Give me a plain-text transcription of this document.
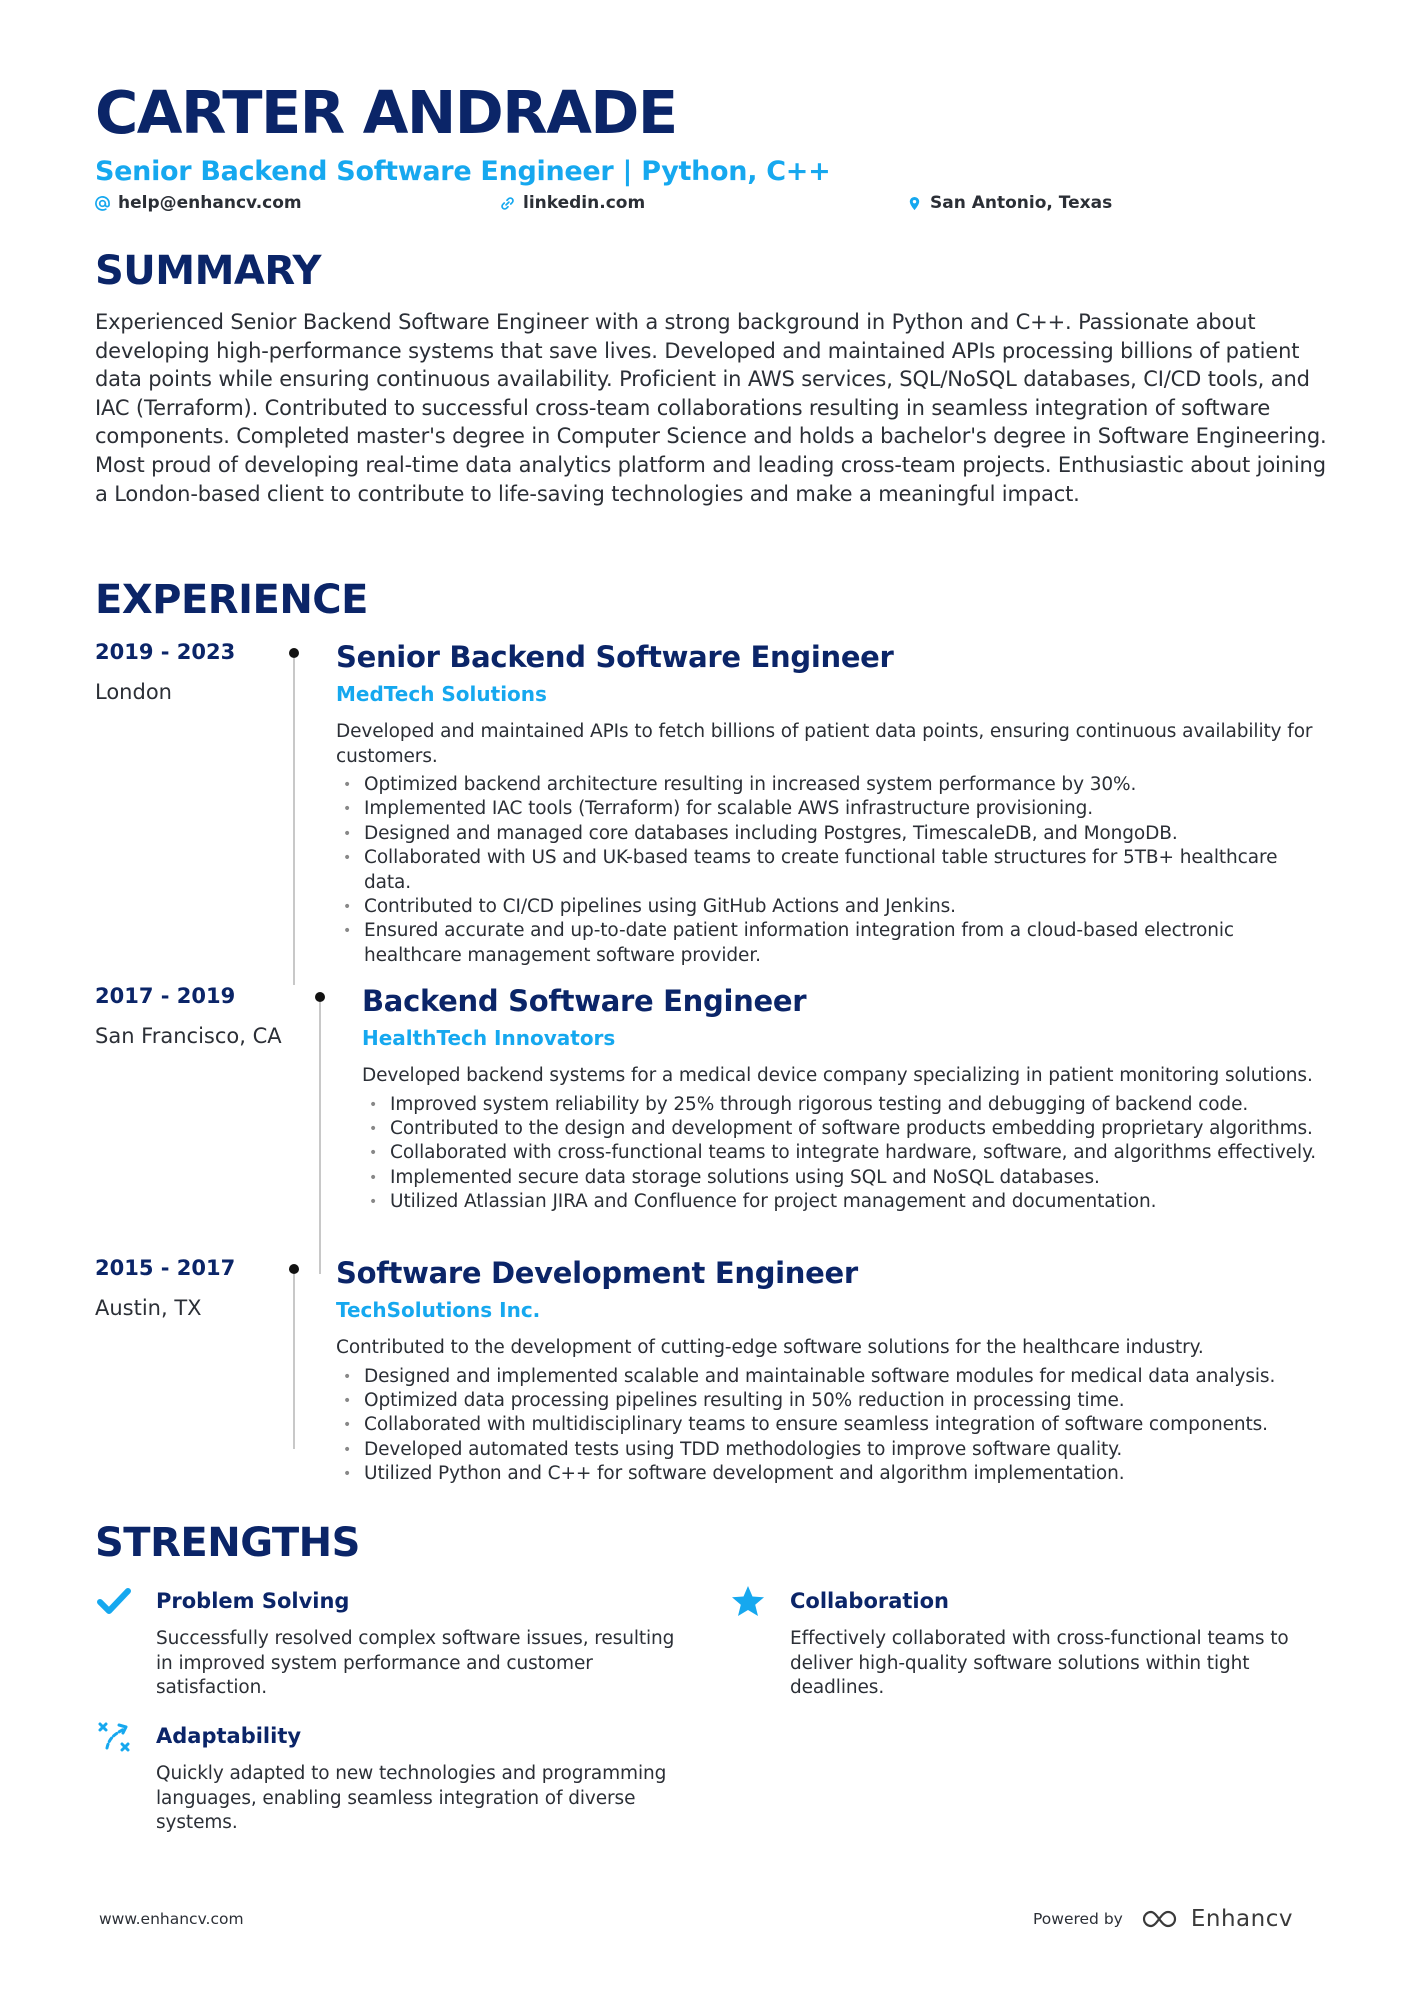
CARTER ANDRADE
Senior Backend Software Engineer | Python, C++
help@enhancv.com	linkedin.com	San Antonio, Texas
SUMMARY

Experienced Senior Backend Software Engineer with a strong background in Python and C++. Passionate about developing high-performance systems that save lives. Developed and maintained APIs processing billions of patient data points while ensuring continuous availability. Proficient in AWS services, SQL/NoSQL databases, CI/CD tools, and IAC (Terraform). Contributed to successful cross-team collaborations resulting in seamless integration of software components. Completed master's degree in Computer Science and holds a bachelor's degree in Software Engineering. Most proud of developing real-time data analytics platform and leading cross-team projects. Enthusiastic about joining a London-based client to contribute to life-saving technologies and make a meaningful impact.

EXPERIENCE
2019 - 2023
London
Senior Backend Software Engineer
MedTech Solutions
Developed and maintained APIs to fetch billions of patient data points, ensuring continuous availability for customers.
• Optimized backend architecture resulting in increased system performance by 30%.
• Implemented IAC tools (Terraform) for scalable AWS infrastructure provisioning.
• Designed and managed core databases including Postgres, TimescaleDB, and MongoDB.
• Collaborated with US and UK-based teams to create functional table structures for 5TB+ healthcare data.
• Contributed to CI/CD pipelines using GitHub Actions and Jenkins.
• Ensured accurate and up-to-date patient information integration from a cloud-based electronic healthcare management software provider.
2017 - 2019
San Francisco, CA
Backend Software Engineer
HealthTech Innovators
Developed backend systems for a medical device company specializing in patient monitoring solutions.
• Improved system reliability by 25% through rigorous testing and debugging of backend code.
• Contributed to the design and development of software products embedding proprietary algorithms.
• Collaborated with cross-functional teams to integrate hardware, software, and algorithms effectively.
• Implemented secure data storage solutions using SQL and NoSQL databases.
• Utilized Atlassian JIRA and Confluence for project management and documentation.
2015 - 2017
Austin, TX
Software Development Engineer
TechSolutions Inc.
Contributed to the development of cutting-edge software solutions for the healthcare industry.
• Designed and implemented scalable and maintainable software modules for medical data analysis.
• Optimized data processing pipelines resulting in 50% reduction in processing time.
• Collaborated with multidisciplinary teams to ensure seamless integration of software components.
• Developed automated tests using TDD methodologies to improve software quality.
• Utilized Python and C++ for software development and algorithm implementation.
STRENGTHS
Problem Solving

Successfully resolved complex software issues, resulting in improved system performance and customer satisfaction.

Collaboration

Effectively collaborated with cross-functional teams to deliver high-quality software solutions within tight deadlines.

Adaptability

Quickly adapted to new technologies and programming languages, enabling seamless integration of diverse systems.

www.enhancv.com	Powered by	Enhancv
